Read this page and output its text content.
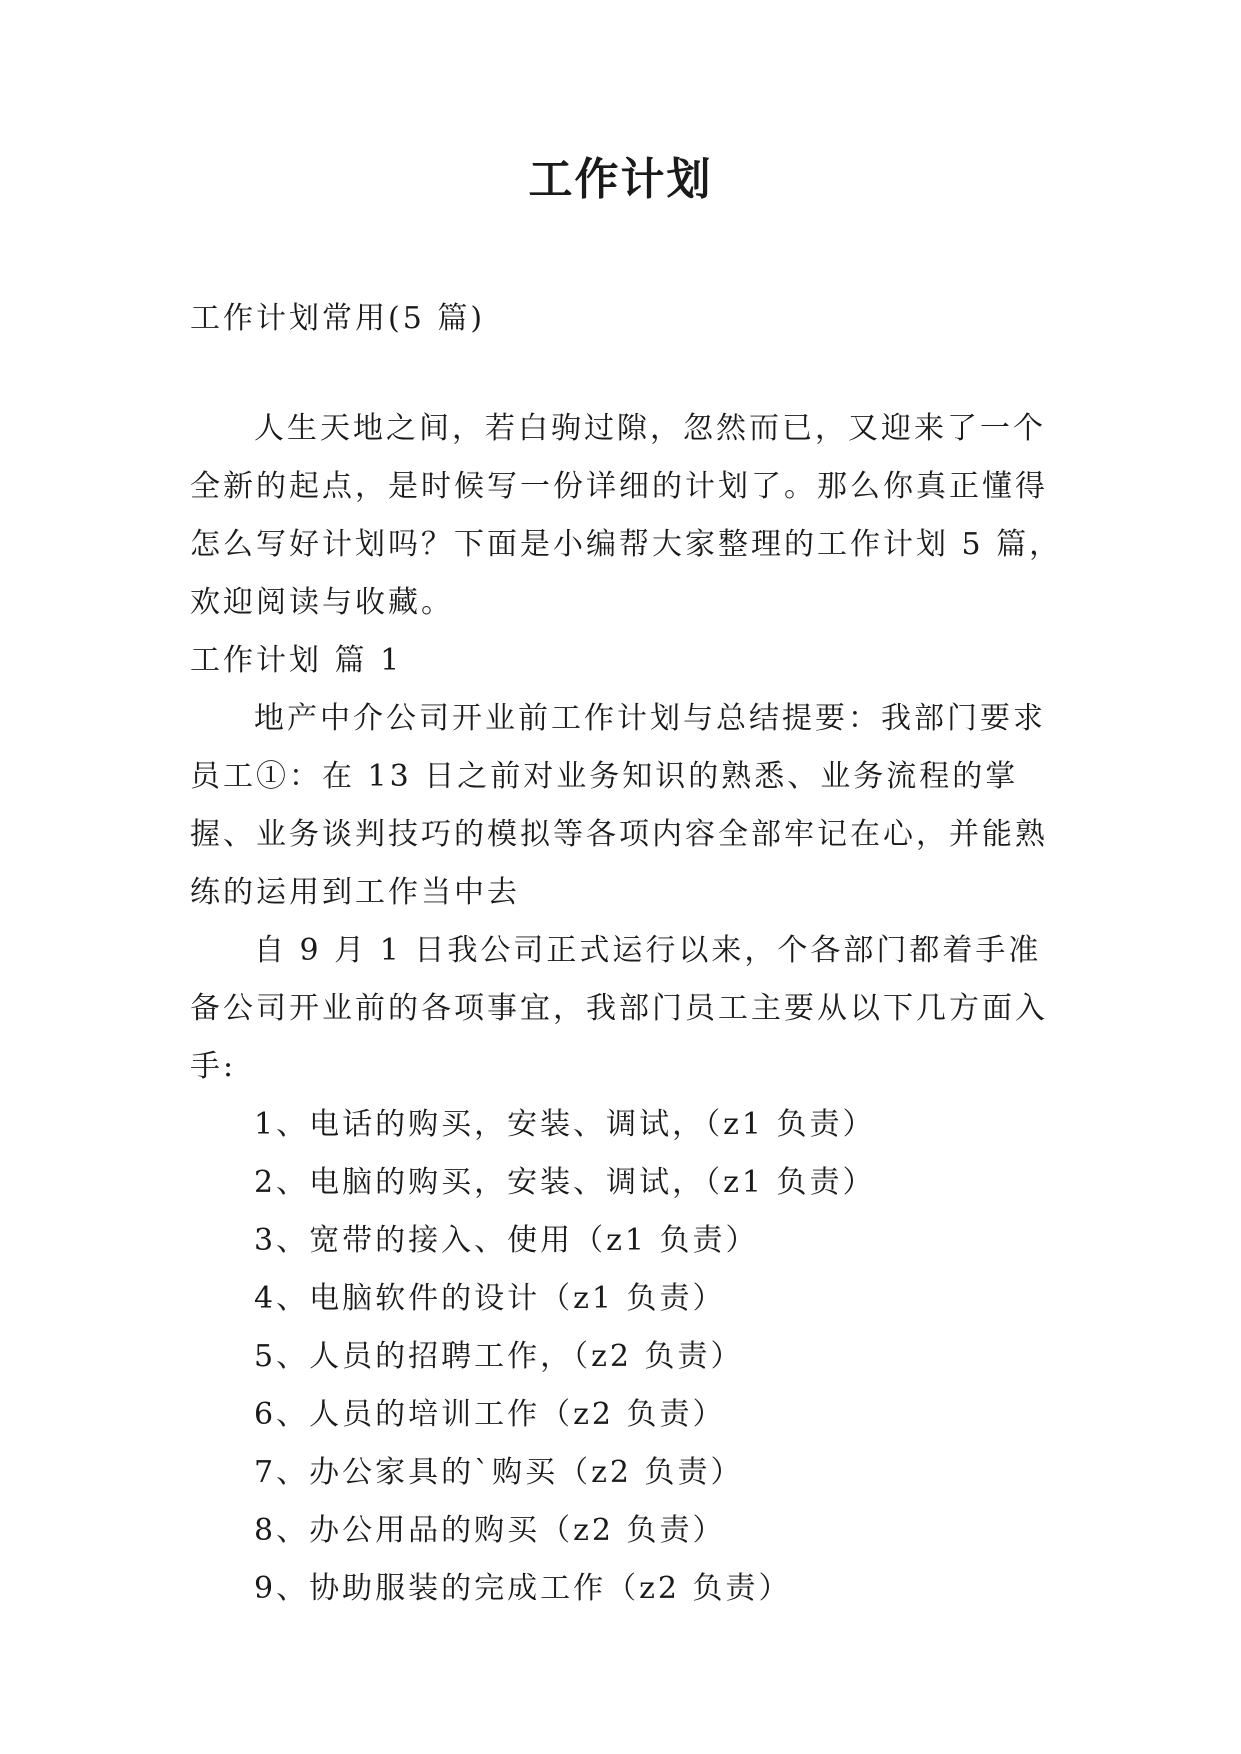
工作计划
工作计划常用(5 篇)

人生天地之间，若白驹过隙，忽然而已，又迎来了一个全新的起点，是时候写一份详细的计划了。那么你真正懂得怎么写好计划吗？下面是小编帮大家整理的工作计划 5 篇，欢迎阅读与收藏。

工作计划 篇 1

地产中介公司开业前工作计划与总结提要：我部门要求员工①：在 13 日之前对业务知识的熟悉、业务流程的掌握、业务谈判技巧的模拟等各项内容全部牢记在心，并能熟练的运用到工作当中去

自 9 月 1 日我公司正式运行以来，个各部门都着手准备公司开业前的各项事宜，我部门员工主要从以下几方面入手:

1、电话的购买，安装、调试，（z1 负责）

2、电脑的购买，安装、调试，（z1 负责）

3、宽带的接入、使用（z1 负责）

4、电脑软件的设计（z1 负责）

5、人员的招聘工作，（z2 负责）

6、人员的培训工作（z2 负责）

7、办公家具的`购买（z2 负责）

8、办公用品的购买（z2 负责）

9、协助服装的完成工作（z2 负责）
